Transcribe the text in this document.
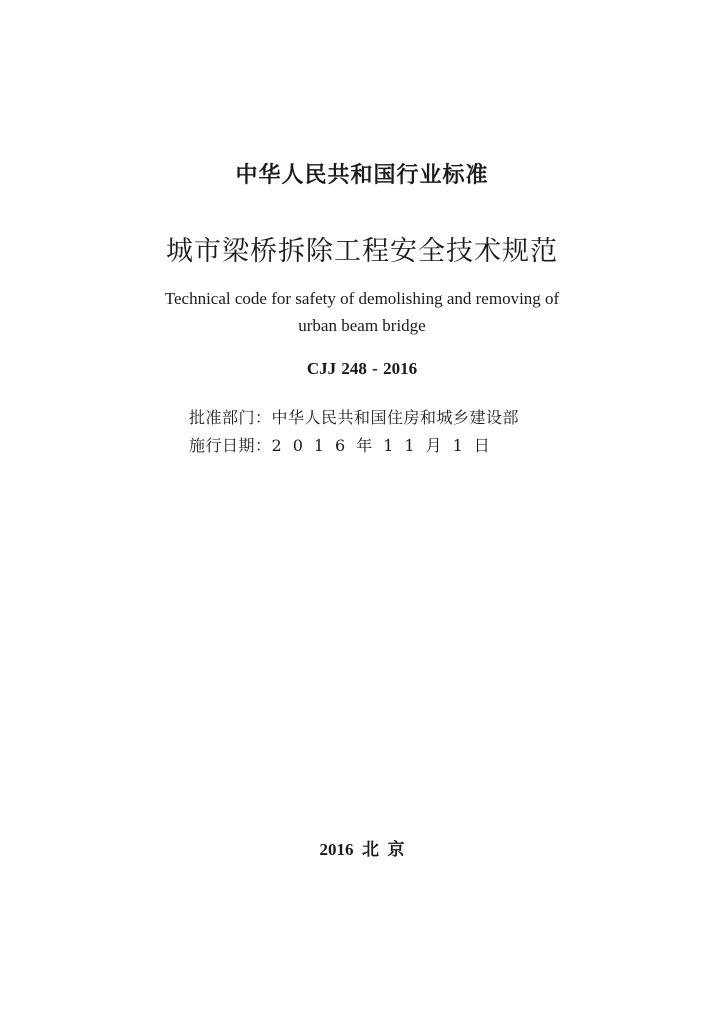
中华人民共和国行业标准
城市梁桥拆除工程安全技术规范
Technical code for safety of demolishing and removing of
urban beam bridge
CJJ 248 - 2016
批准部门：中华人民共和国住房和城乡建设部
施行日期：2016年11月1日
2016  北  京
